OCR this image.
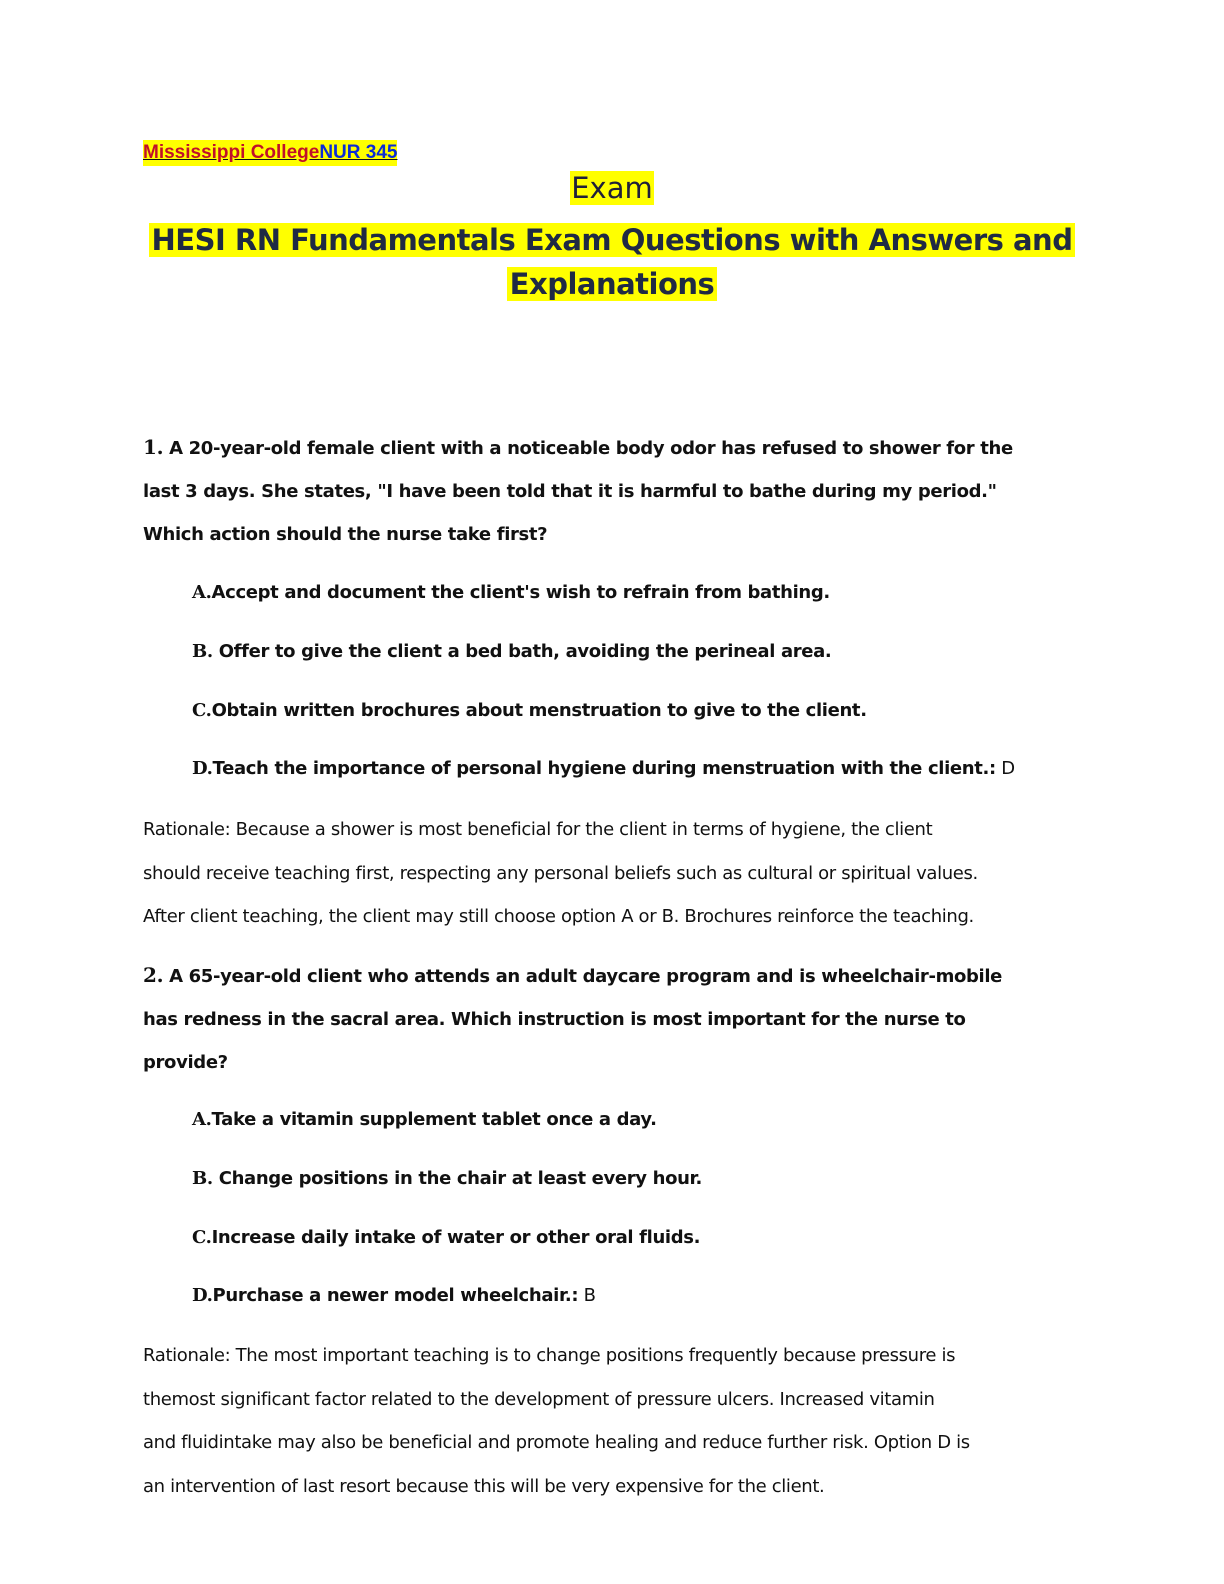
Mississippi CollegeNUR 345
Exam
HESI RN Fundamentals Exam Questions with Answers and
Explanations
1. A 20-year-old female client with a noticeable body odor has refused to shower for the
last 3 days. She states, "I have been told that it is harmful to bathe during my period."
Which action should the nurse take first?
A.Accept and document the client's wish to refrain from bathing.
B. Offer to give the client a bed bath, avoiding the perineal area.
C.Obtain written brochures about menstruation to give to the client.
D.Teach the importance of personal hygiene during menstruation with the client.: D
Rationale: Because a shower is most beneficial for the client in terms of hygiene, the client
should receive teaching first, respecting any personal beliefs such as cultural or spiritual values.
After client teaching, the client may still choose option A or B. Brochures reinforce the teaching.
2. A 65-year-old client who attends an adult daycare program and is wheelchair-mobile
has redness in the sacral area. Which instruction is most important for the nurse to
provide?
A.Take a vitamin supplement tablet once a day.
B. Change positions in the chair at least every hour.
C.Increase daily intake of water or other oral fluids.
D.Purchase a newer model wheelchair.: B
Rationale: The most important teaching is to change positions frequently because pressure is
themost significant factor related to the development of pressure ulcers. Increased vitamin
and fluidintake may also be beneficial and promote healing and reduce further risk. Option D is
an intervention of last resort because this will be very expensive for the client.
